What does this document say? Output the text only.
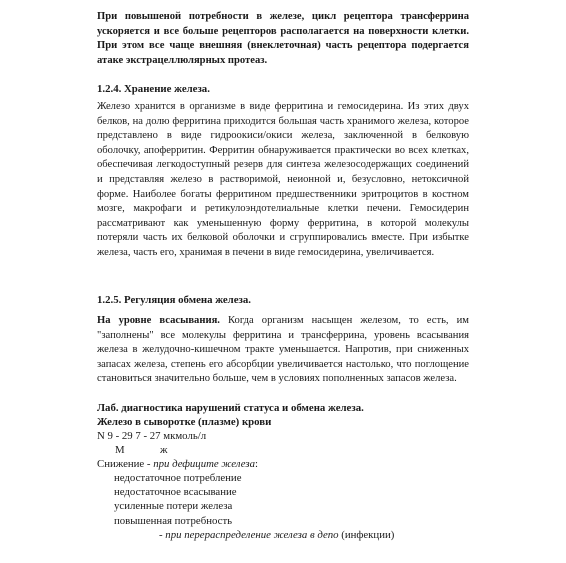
При повышеной потребности в железе, цикл рецептора трансферрина ускоряется и все больше рецепторов располагается на поверхности клетки. При этом все чаще внешняя (внеклеточная) часть рецептора подергается атаке экстрацеллюлярных протеаз.

1.2.4. Хранение железа.

Железо хранится в организме в виде ферритина и гемосидерина. Из этих двух белков, на долю ферритина приходится большая часть хранимого железа, которое представлено в виде гидроокиси/окиси железа, заключенной в белковую оболочку, апоферритин. Ферритин обнаруживается практически во всех клетках, обеспечивая легкодоступный резерв для синтеза железосодержащих соединений и представляя железо в растворимой, неионной и, безусловно, нетоксичной форме. Наиболее богаты ферритином предшественники эритроцитов в костном мозге, макрофаги и ретикулоэндотелиальные клетки печени. Гемосидерин рассматривают как уменьшенную форму ферритина, в которой молекулы потеряли часть их белковой оболочки и сгруппировались вместе. При избытке железа, часть его, хранимая в печени в виде гемосидерина, увеличивается.

1.2.5. Регуляция обмена железа.

На уровне всасывания. Когда организм насыщен железом, то есть, им "заполнены" все молекулы ферритина и трансферрина, уровень всасывания железа в желудочно-кишечном тракте уменьшается. Напротив, при сниженных запасах железа, степень его абсорбции увеличивается настолько, что поглощение становиться значительно больше, чем в условиях пополненных запасов железа.

Лаб. диагностика нарушений статуса и обмена железа.

Железо в сыворотке (плазме) крови

N 9 - 29 7 - 27 мкмоль/л

М	ж

Снижение - при дефиците железа:

недостаточное потребление

недостаточное всасывание

усиленные потери железа

повышенная потребность

- при перераспределение железа в депо (инфекции)
